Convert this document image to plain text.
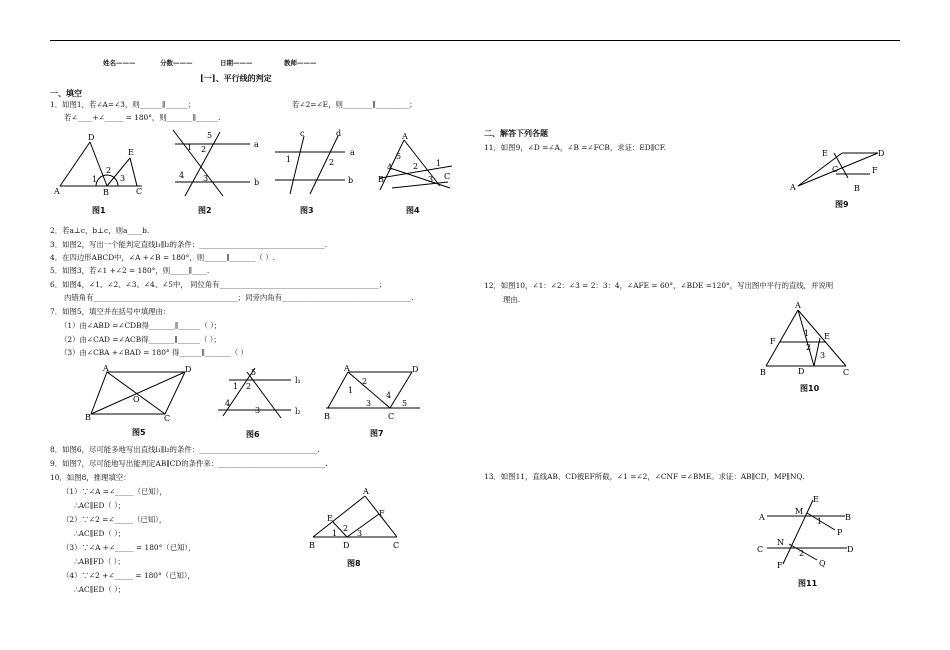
姓名———	分数———	日期———	教师———
[一]、平行线的判定
一、填空
1．如图1，若∠A=∠3，则______∥______；	若∠2=∠E，则________∥_________；
若∠____+∠_____ = 180°，则_______∥______.
2．若a⊥c，b⊥c，则a____b.
3．如图2，写出一个能判定直线l₁∥l₂的条件：__________________________________.
4．在四边形ABCD中，∠A +∠B = 180°，则______∥_______（ ）.
5．如图3，若∠1 +∠2 = 180°，则_____∥____.
6．如图4，∠1、∠2、∠3、∠4、∠5中， 同位角有___________________________________________；
内错角有_______________________________________；同旁内角有___________________________________.
7．如图5，填空并在括号中填理由：
（1）由∠ABD =∠CDB得_______∥______（ ）；
（2）由∠CAD =∠ACB得_______∥______（ ）；
（3）由∠CBA +∠BAD = 180° 得______∥_______（ ）
8．如图6，尽可能多地写出直线l₁∥l₂的条件：________________________________.
9．如图7，尽可能地写出能判定AB∥CD的条件来：_____________________________.
10．如图8，推理填空：
（1）∵∠A =∠_____（已知），
∴AC∥ED（ ）；
（2）∵∠2 =∠_____（已知），
∴AC∥ED（ ）；
（3）∵∠A +∠_____ = 180°（已知），
∴AB∥FD（ ）；
（4）∵∠2 +∠_____ = 180°（已知），
∴AC∥ED（ ）；
二、解答下列各题
11．如图9，∠D =∠A，∠B =∠FCB，求证：ED∥CF.
12．如图10，∠1：∠2：∠3 = 2：3：4，∠AFE = 60°，∠BDE =120°，写出图中平行的直线，并说明
理由.
13．如图11，直线AB、CD被EF所截，∠1 =∠2，∠CNF =∠BME。求证：AB∥CD，MP∥NQ.
D
E
A	B	C
1
2
3
图1
a
b
1 2
3
4
5
图2
c	d
a
b
1	2
图3
A
B	C
1
2
3
4
5
图4
A	D
B	C
O
图5
l₁
l₂
1 2
3
4
5
图6
A	D
B	C
1
2
3
4
5
图7
A
E
F
B	D	C
1
2
3
图8
E	D
F
A
C
B
图9
A
F
E
B	D	C
1
2
3
图10
E
A
M
B
P
N
C	D
F	Q
1
2
图11
